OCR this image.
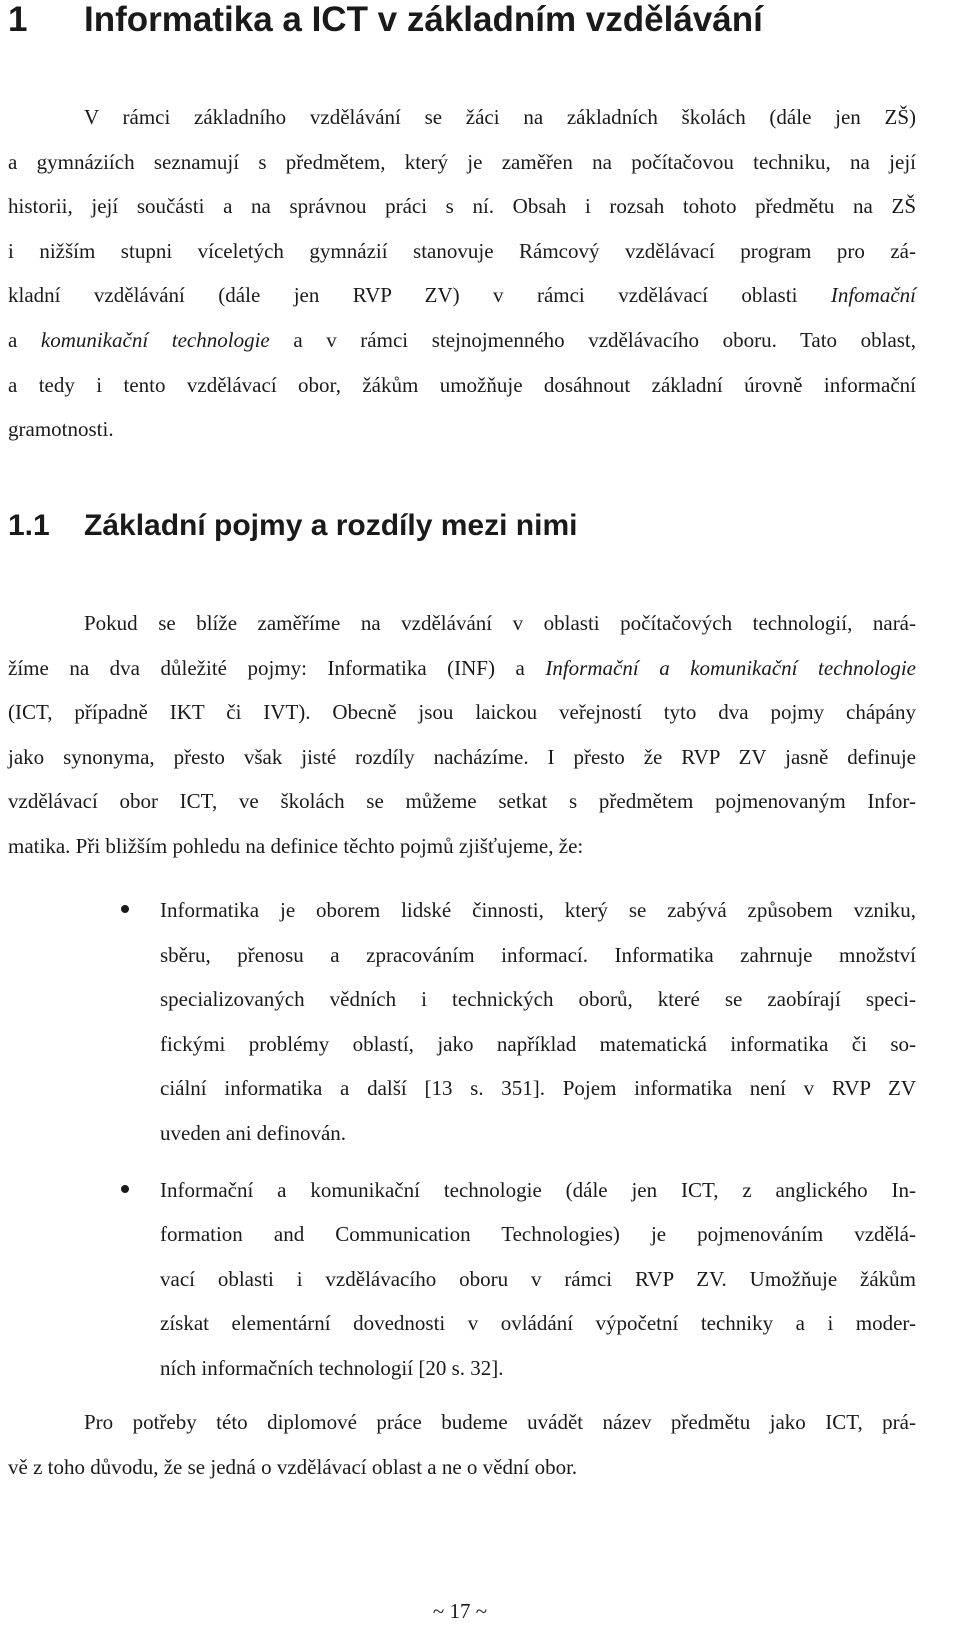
1 Informatika a ICT v základním vzdělávání
V rámci základního vzdělávání se žáci na základních školách (dále jen ZŠ)
a gymnáziích seznamují s předmětem, který je zaměřen na počítačovou techniku, na její
historii, její součásti a na správnou práci s ní. Obsah i rozsah tohoto předmětu na ZŠ
i nižším stupni víceletých gymnázií stanovuje Rámcový vzdělávací program pro zá-
kladní vzdělávání (dále jen RVP ZV) v rámci vzdělávací oblasti Infomační
a komunikační technologie a v rámci stejnojmenného vzdělávacího oboru. Tato oblast,
a tedy i tento vzdělávací obor, žákům umožňuje dosáhnout základní úrovně informační
gramotnosti.
1.1 Základní pojmy a rozdíly mezi nimi
Pokud se blíže zaměříme na vzdělávání v oblasti počítačových technologií, nará-
žíme na dva důležité pojmy: Informatika (INF) a Informační a komunikační technologie
(ICT, případně IKT či IVT). Obecně jsou laickou veřejností tyto dva pojmy chápány
jako synonyma, přesto však jisté rozdíly nacházíme. I přesto že RVP ZV jasně definuje
vzdělávací obor ICT, ve školách se můžeme setkat s předmětem pojmenovaným Infor-
matika. Při bližším pohledu na definice těchto pojmů zjišťujeme, že:
Informatika je oborem lidské činnosti, který se zabývá způsobem vzniku,
sběru, přenosu a zpracováním informací. Informatika zahrnuje množství
specializovaných vědních i technických oborů, které se zaobírají speci-
fickými problémy oblastí, jako například matematická informatika či so-
ciální informatika a další [13 s. 351]. Pojem informatika není v RVP ZV
uveden ani definován.
Informační a komunikační technologie (dále jen ICT, z anglického In-
formation and Communication Technologies) je pojmenováním vzdělá-
vací oblasti i vzdělávacího oboru v rámci RVP ZV. Umožňuje žákům
získat elementární dovednosti v ovládání výpočetní techniky a i moder-
ních informačních technologií [20 s. 32].
Pro potřeby této diplomové práce budeme uvádět název předmětu jako ICT, prá-
vě z toho důvodu, že se jedná o vzdělávací oblast a ne o vědní obor.
~ 17 ~
